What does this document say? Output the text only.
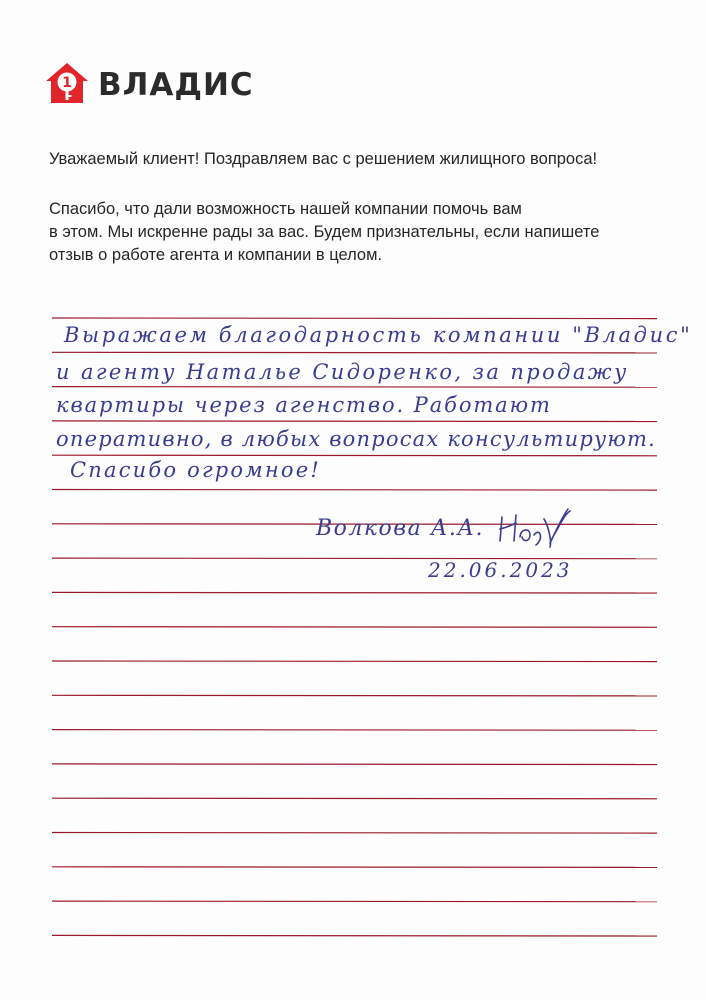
1 ВЛАДИС
Уважаемый клиент! Поздравляем вас с решением жилищного вопроса!
Спасибо, что дали возможность нашей компании помочь вам
в этом. Мы искренне рады за вас. Будем признательны, если напишете
отзыв о работе агента и компании в целом.
Выражаем благодарность компании "Владис"
и агенту Наталье Сидоренко, за продажу
квартиры через агенство. Работают
оперативно, в любых вопросах консультируют.
Спасибо огромное!
Волкова А.А.
22.06.2023
